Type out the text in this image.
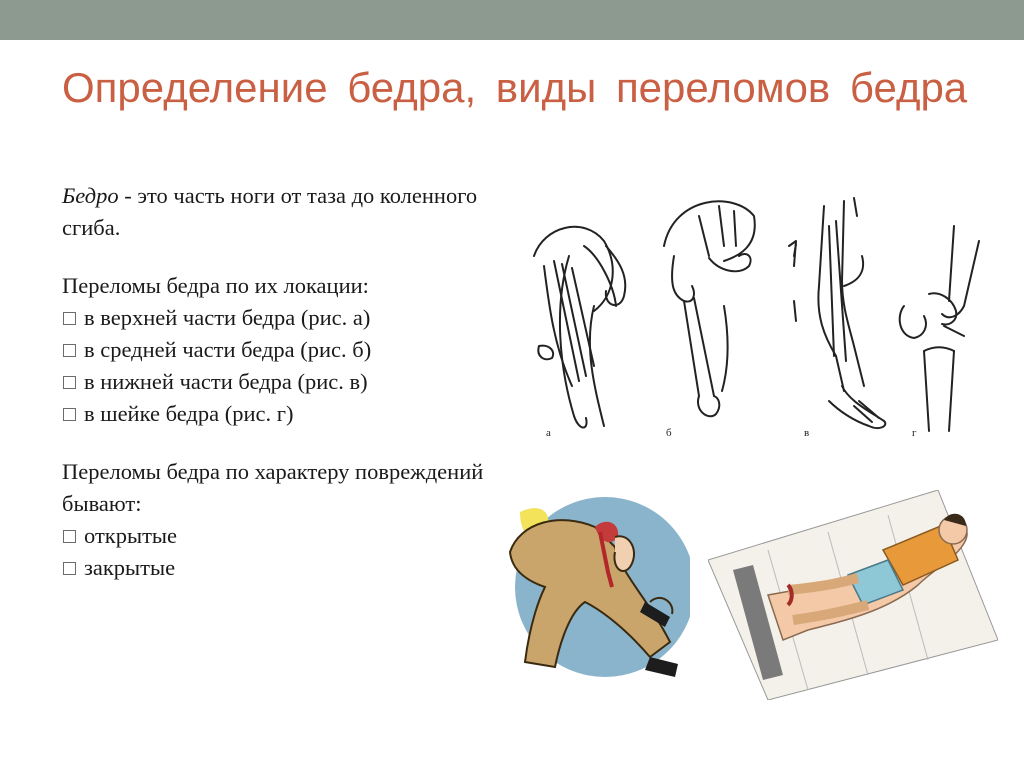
Определение бедра, виды переломов бедра
Бедро - это часть ноги от таза до коленного сгиба.
Переломы бедра по их локации:
в верхней части бедра (рис. а)
в средней части бедра (рис. б)
в нижней части бедра (рис. в)
в шейке бедра (рис. г)
Переломы бедра по характеру повреждений бывают:
открытые
закрытые
а	б	в	г
